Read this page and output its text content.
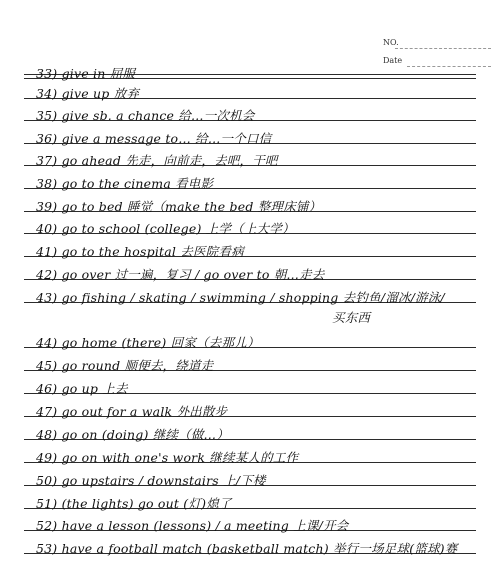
NO.
Date
33) give in 屈服
34) give up 放弃
35) give sb. a chance 给…一次机会
36) give a message to… 给…一个口信
37) go ahead 先走，向前走，去吧，干吧
38) go to the cinema 看电影
39) go to bed 睡觉（make the bed 整理床铺）
40) go to school (college) 上学（上大学）
41) go to the hospital 去医院看病
42) go over 过一遍，复习 / go over to 朝…走去
43) go fishing / skating / swimming / shopping 去钓鱼/溜冰/游泳/
买东西
44) go home (there) 回家（去那儿）
45) go round 顺便去，绕道走
46) go up 上去
47) go out for a walk 外出散步
48) go on (doing) 继续（做…）
49) go on with one's work 继续某人的工作
50) go upstairs / downstairs 上/下楼
51) (the lights) go out (灯)熄了
52) have a lesson (lessons) / a meeting 上课/开会
53) have a football match (basketball match) 举行一场足球(篮球)赛
